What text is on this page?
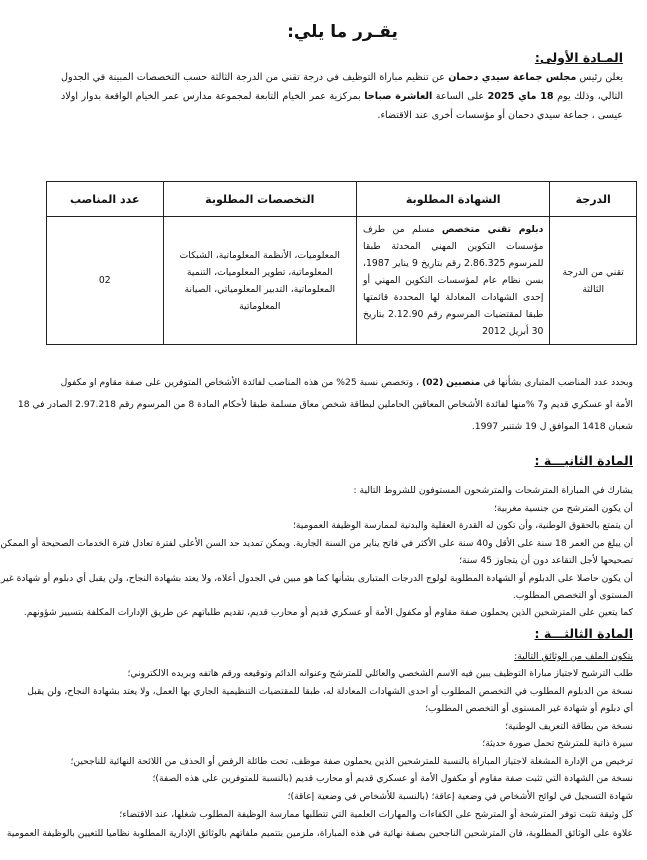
يقـرر ما يلي:
المـادة الأولى:
يعلن رئيس مجلس جماعة سيدي دحمان عن تنظيم مباراة التوظيف في درجة تقني من الدرجة الثالثة حسب التخصصات المبينة في الجدول التالي، وذلك يوم 18 ماي 2025 على الساعة العاشرة صباحا بمركزية عمر الخيام التابعة لمجموعة مدارس عمر الخيام الواقعة بدوار اولاد عيسى ، جماعة سيدي دحمان أو مؤسسات أخرى عند الاقتضاء.
الدرجة	الشهادة المطلوبة	التخصصات المطلوبة	عدد المناصب
تقني من الدرجة الثالثة	دبلوم تقني متخصص مسلم من طرف مؤسسات التكوين المهني المحدثة طبقا للمرسوم 2.86.325 رقم بتاريخ 9 يناير 1987، بسن نظام عام لمؤسسات التكوين المهني أو إحدى الشهادات المعادلة لها المحددة قائمتها طبقا لمقتضيات المرسوم رقم 2.12.90 بتاريخ 30 أبريل 2012	المعلوميات، الأنظمة المعلوماتية، الشبكات المعلوماتية، تطوير المعلوميات، التنمية المعلوماتية، التدبير المعلومياتي، الصيانة المعلوماتية	02
وبحدد عدد المناصب المتبارى بشأنها في منصبين (02) ، وتخصص نسبة 25% من هذه المناصب لفائدة الأشخاص المتوفرين على صفة مقاوم او مكفول
الأمة او عسكري قديم و7 %منها لفائدة الأشخاص المعاقين الحاملين لبطاقة شخص معاق مسلمة طبقا لأحكام المادة 8 من المرسوم رقم 2.97.218 الصادر في 18
شعبان 1418 الموافق ل 19 شتنبر 1997.
المادة الثانيـــة :
يشارك في المباراة المترشحات والمترشحون المستوفون للشروط التالية :
أن يكون المترشح من جنسية مغربية؛
أن يتمتع بالحقوق الوطنية، وأن تكون له القدرة العقلية والبدنية لممارسة الوظيفة العمومية؛
أن يبلغ من العمر 18 سنة على الأقل و40 سنة على الأكثر في فاتح يناير من السنة الجارية. ويمكن تمديد حد السن الأعلى لفترة تعادل فترة الخدمات الصحيحة أو الممكن
تصحيحها لأجل التقاعد دون أن يتجاوز 45 سنة؛
أن يكون حاصلا على الدبلوم أو الشهادة المطلوبة لولوج الدرجات المتبارى بشأنها كما هو مبين في الجدول أعلاه، ولا يعتد بشهادة النجاح، ولن يقبل أي دبلوم أو شهادة غير
المستوى أو التخصص المطلوب.
كما يتعين على المترشحين الذين يحملون صفة مقاوم أو مكفول الأمة أو عسكري قديم أو محارب قديم، تقديم طلباتهم عن طريق الإدارات المكلفة بتسيير شؤونهم.
المادة الثالثـــة :
يتكون الملف من الوثائق التالية:
طلب الترشيح لاجتياز مباراة التوظيف يبين فيه الاسم الشخصي والعائلي للمترشح وعنوانه الدائم وتوقيعه ورقم هاتفه وبريده الالكتروني؛
نسخة من الدبلوم المطلوب في التخصص المطلوب أو احدى الشهادات المعادلة له، طبقا للمقتضيات التنظيمية الجاري بها العمل، ولا يعتد بشهادة النجاح، ولن يقبل
أي دبلوم أو شهادة غير المستوى أو التخصص المطلوب؛
نسخة من بطاقة التعريف الوطنية؛
سيرة ذاتية للمترشح تحمل صورة حديثة؛
ترخيص من الإدارة المشغلة لاجتياز المباراة بالنسبة للمترشحين الذين يحملون صفة موظف، تحت طائلة الرفض أو الحذف من اللائحة النهائية للناجحين؛
نسخة من الشهادة التي تثبت صفة مقاوم أو مكفول الأمة أو عسكري قديم أو محارب قديم (بالنسبة للمتوفرين على هذه الصفة)؛
شهادة التسجيل في لوائح الأشخاص في وضعية إعاقة؛ (بالنسبة للأشخاص في وضعية إعاقة)؛
كل وثيقة تثبت توفر المترشحة أو المترشح على الكفاءات والمهارات العلمية التي تتطلبها ممارسة الوظيفة المطلوب شغلها، عند الاقتضاء؛
علاوة على الوثائق المطلوبة، فان المترشحين الناجحين بصفة نهائية في هذه المباراة، ملزمين بتتميم ملفاتهم بالوثائق الإدارية المطلوبة نظاميا للتعيين بالوظيفة العمومية
